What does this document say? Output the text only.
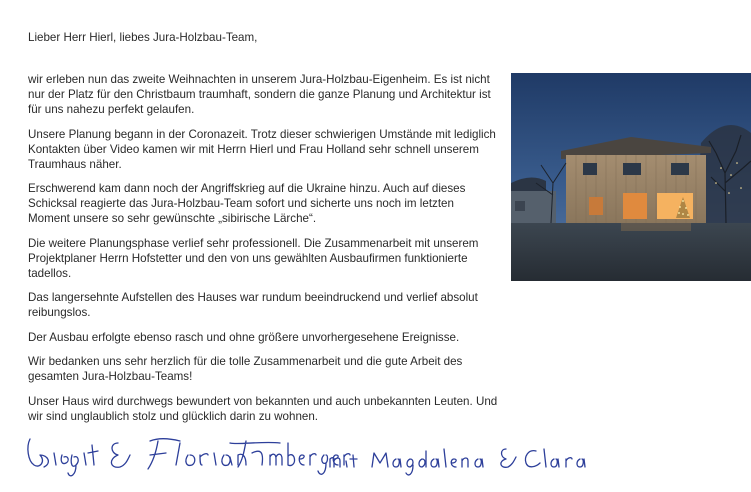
Lieber Herr Hierl, liebes Jura-Holzbau-Team,

wir erleben nun das zweite Weihnachten in unserem Jura-Holzbau-Eigenheim. Es ist nicht nur der Platz für den Christbaum traumhaft, sondern die ganze Planung und Architektur ist für uns nahezu perfekt gelaufen.

Unsere Planung begann in der Coronazeit. Trotz dieser schwierigen Umstände mit lediglich Kontakten über Video kamen wir mit Herrn Hierl und Frau Holland sehr schnell unserem Traumhaus näher.

Erschwerend kam dann noch der Angriffskrieg auf die Ukraine hinzu. Auch auf dieses Schicksal reagierte das Jura-Holzbau-Team sofort und sicherte uns noch im letzten Moment unsere so sehr gewünschte „sibirische Lärche“.

Die weitere Planungsphase verlief sehr professionell. Die Zusammenarbeit mit unserem Projektplaner Herrn Hofstetter und den von uns gewählten Ausbaufirmen funktionierte tadellos.

Das langersehnte Aufstellen des Hauses war rundum beeindruckend und verlief absolut reibungslos.

Der Ausbau erfolgte ebenso rasch und ohne größere unvorhergesehene Ereignisse.

Wir bedanken uns sehr herzlich für die tolle Zusammenarbeit und die gute Arbeit des gesamten Jura-Holzbau-Teams!

Unser Haus wird durchwegs bewundert von bekannten und auch unbekannten Leuten. Und wir sind unglaublich stolz und glücklich darin zu wohnen.
